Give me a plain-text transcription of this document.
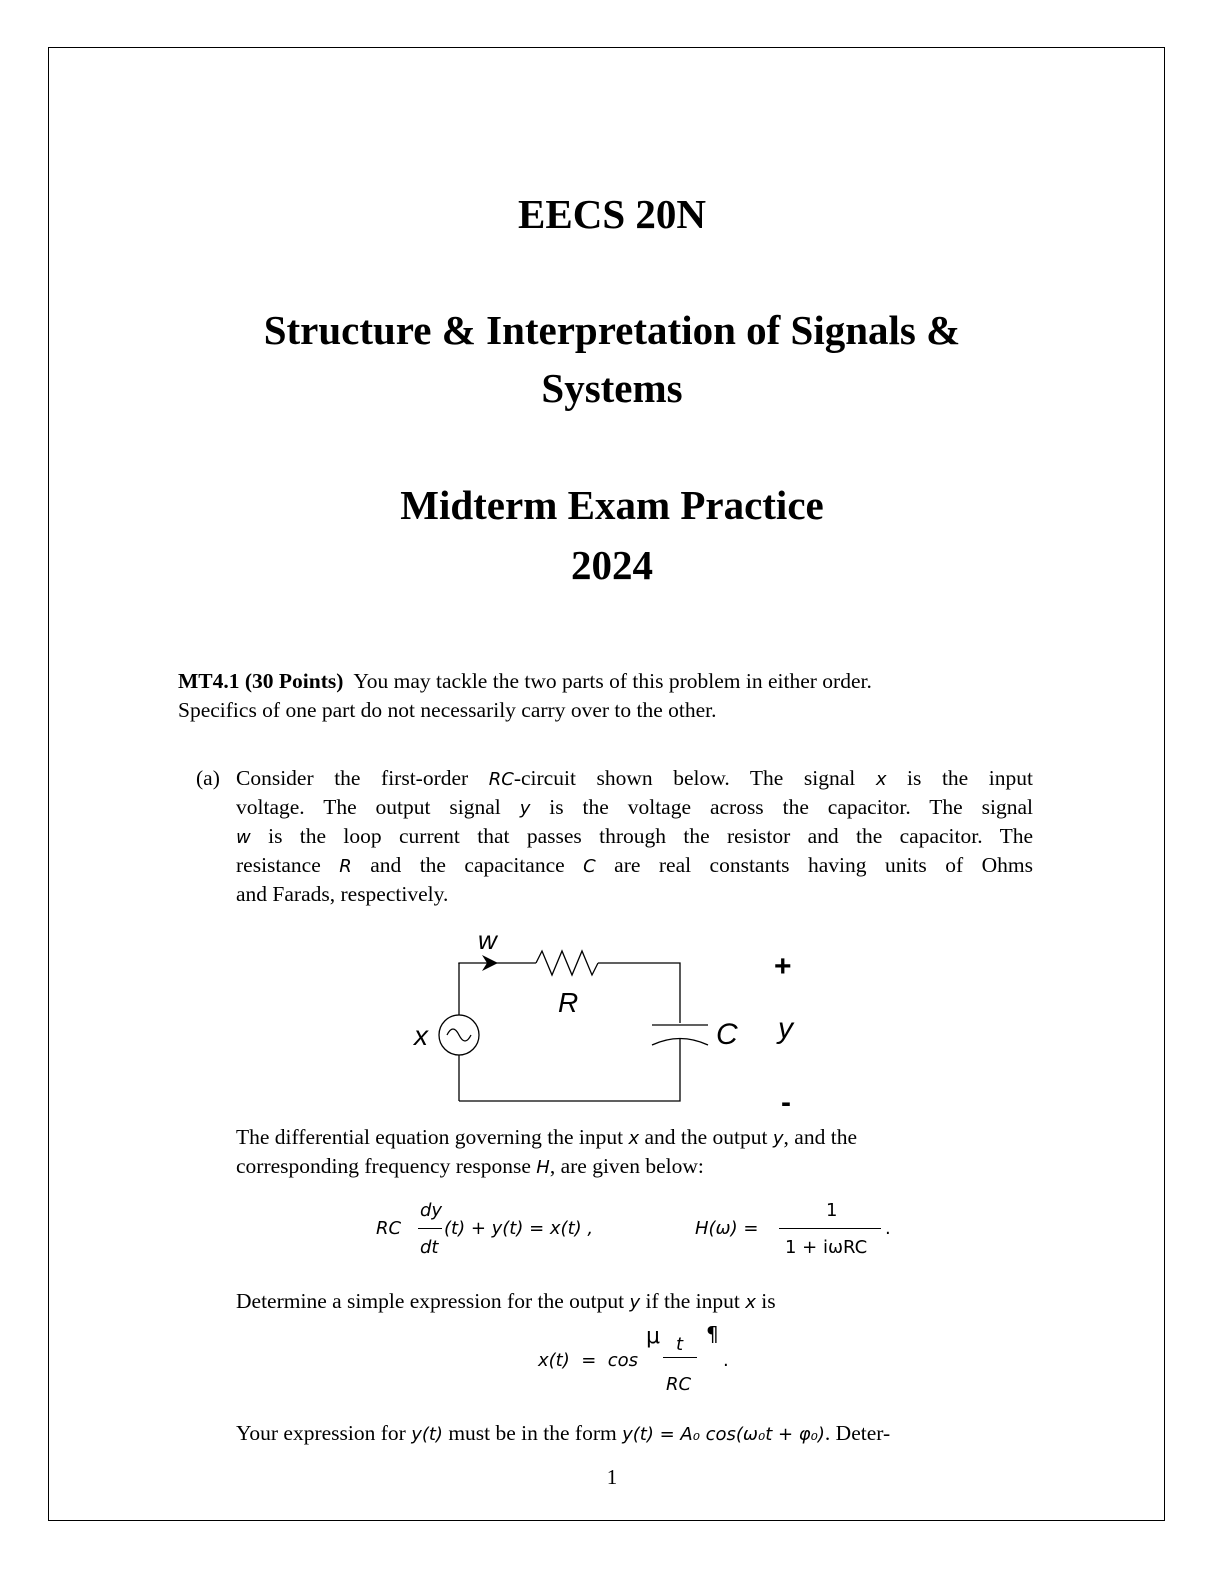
EECS 20N
Structure & Interpretation of Signals &
Systems
Midterm Exam Practice
2024
MT4.1 (30 Points) You may tackle the two parts of this problem in either order.
Specifics of one part do not necessarily carry over to the other.
(a) Consider the first-order RC-circuit shown below. The signal x is the input
voltage. The output signal y is the voltage across the capacitor. The signal
w is the loop current that passes through the resistor and the capacitor. The
resistance R and the capacitance C are real constants having units of Ohms
and Farads, respectively.
w
R
x	C y
+
-
The differential equation governing the input x and the output y, and the
corresponding frequency response H, are given below:
RC
dy
dt
(t) + y(t) = x(t) ,	H(ω) =
1
1 + iωRC
.
Determine a simple expression for the output y if the input x is
x(t)  =  cos
μ t
RC
¶
.
Your expression for y(t) must be in the form y(t) = A₀ cos(ω₀t + φ₀). Deter-
1
